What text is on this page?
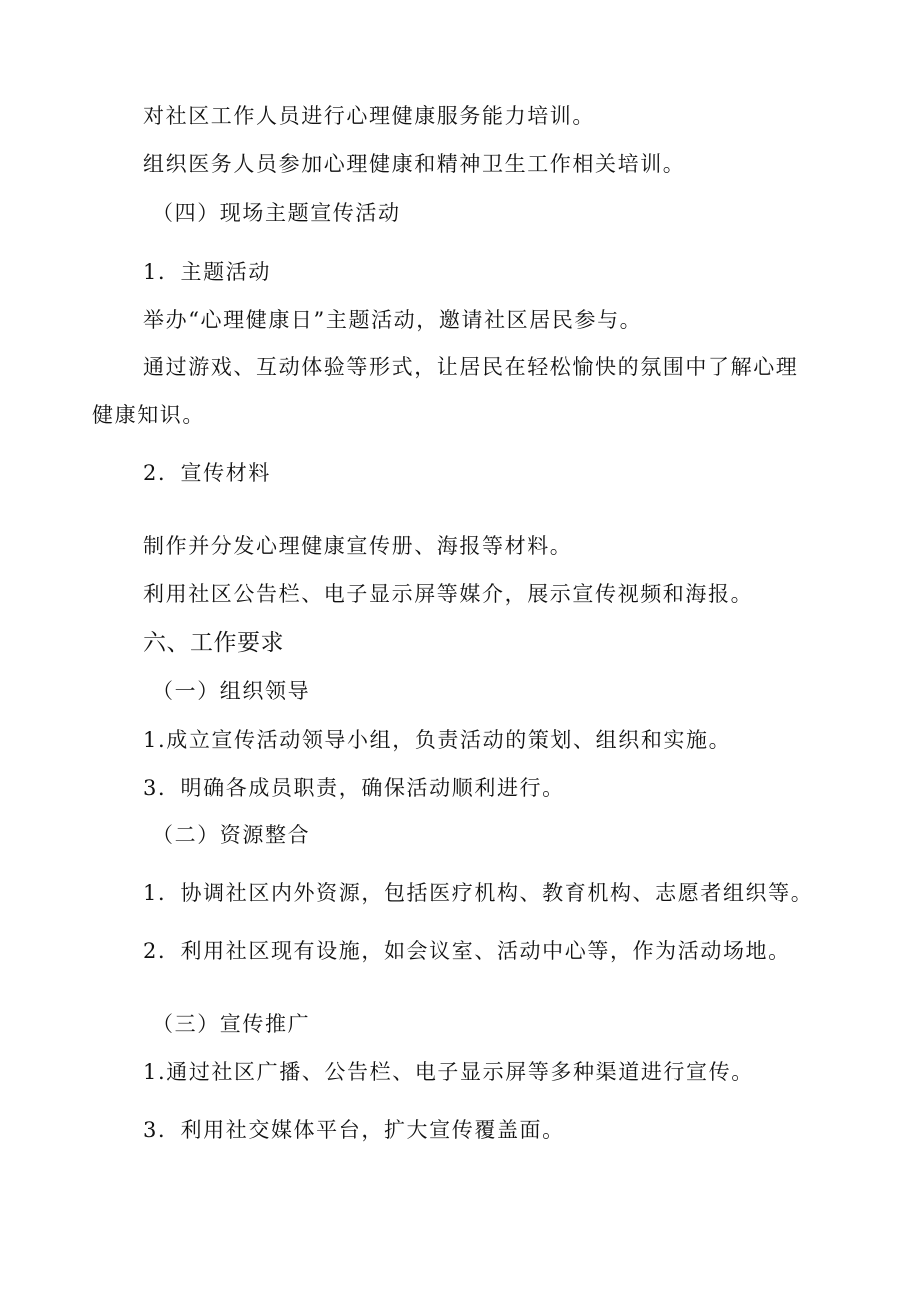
对社区工作人员进行心理健康服务能力培训。
组织医务人员参加心理健康和精神卫生工作相关培训。
（四）现场主题宣传活动
1．主题活动
举办“心理健康日”主题活动，邀请社区居民参与。
通过游戏、互动体验等形式，让居民在轻松愉快的氛围中了解心理
健康知识。
2．宣传材料
制作并分发心理健康宣传册、海报等材料。
利用社区公告栏、电子显示屏等媒介，展示宣传视频和海报。
六、工作要求
（一）组织领导
1.成立宣传活动领导小组，负责活动的策划、组织和实施。
3．明确各成员职责，确保活动顺利进行。
（二）资源整合
1．协调社区内外资源，包括医疗机构、教育机构、志愿者组织等。
2．利用社区现有设施，如会议室、活动中心等，作为活动场地。
（三）宣传推广
1.通过社区广播、公告栏、电子显示屏等多种渠道进行宣传。
3．利用社交媒体平台，扩大宣传覆盖面。
